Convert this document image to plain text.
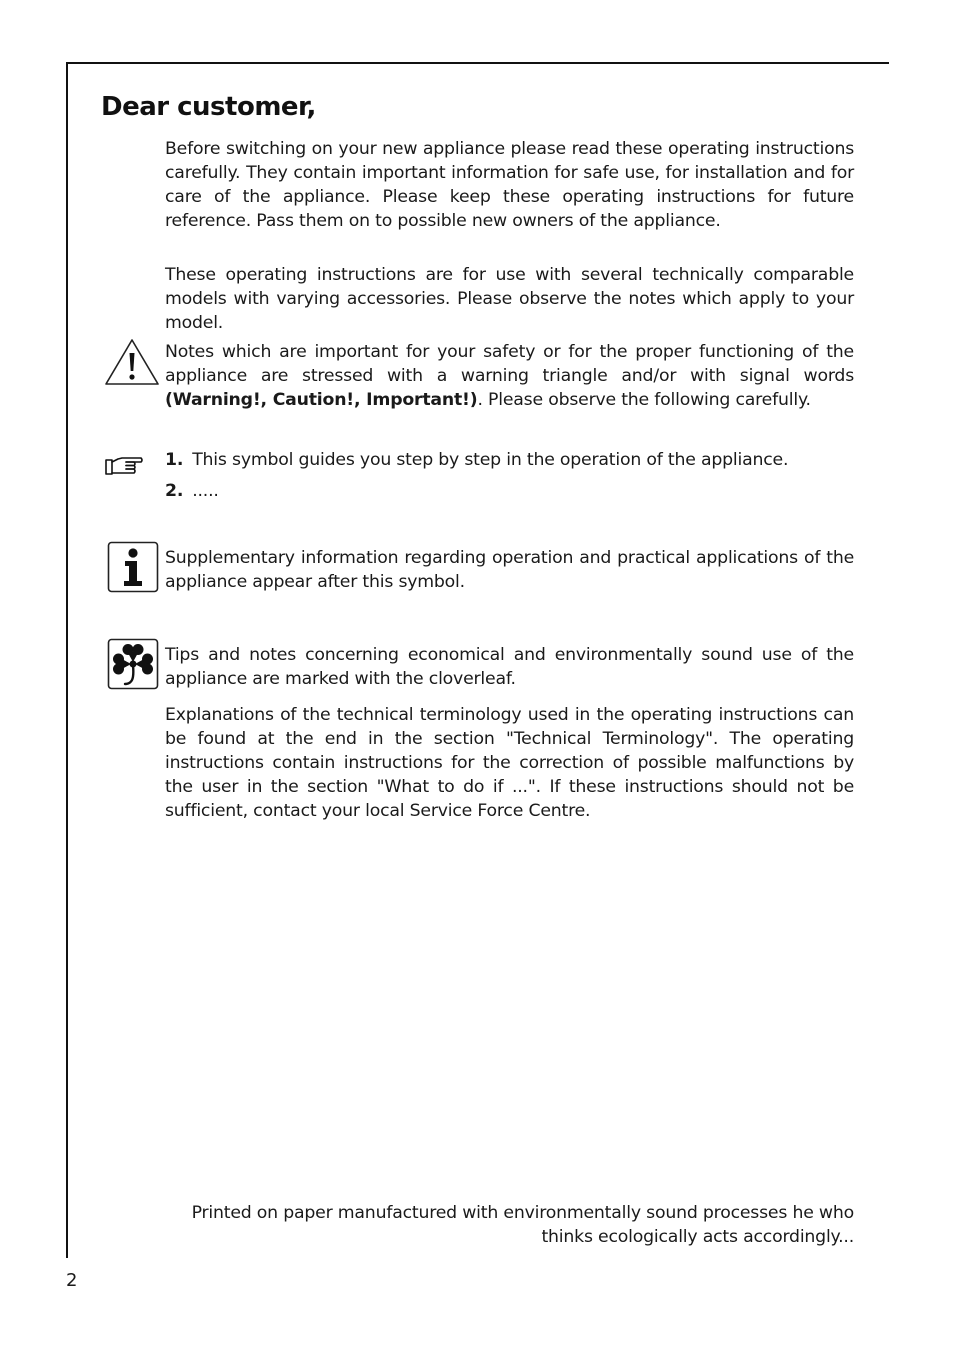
Dear customer,

Before switching on your new appliance please read these operating instructions carefully. They contain important information for safe use, for installation and for care of the appliance. Please keep these operating instructions for future reference. Pass them on to possible new owners of the appliance.

These operating instructions are for use with several technically comparable models with varying accessories. Please observe the notes which apply to your model.

Notes which are important for your safety or for the proper functioning of the appliance are stressed with a warning triangle and/or with signal words (Warning!, Caution!, Important!). Please observe the following carefully.

1. This symbol guides you step by step in the operation of the appliance.
2. .....

Supplementary information regarding operation and practical applications of the appliance appear after this symbol.

Tips and notes concerning economical and environmentally sound use of the appliance are marked with the cloverleaf.

Explanations of the technical terminology used in the operating instructions can be found at the end in the section "Technical Terminology". The operating instructions contain instructions for the correction of possible malfunctions by the user in the section "What to do if ...". If these instructions should not be sufficient, contact your local Service Force Centre.

Printed on paper manufactured with environmentally sound processes he who
thinks ecologically acts accordingly...
2
